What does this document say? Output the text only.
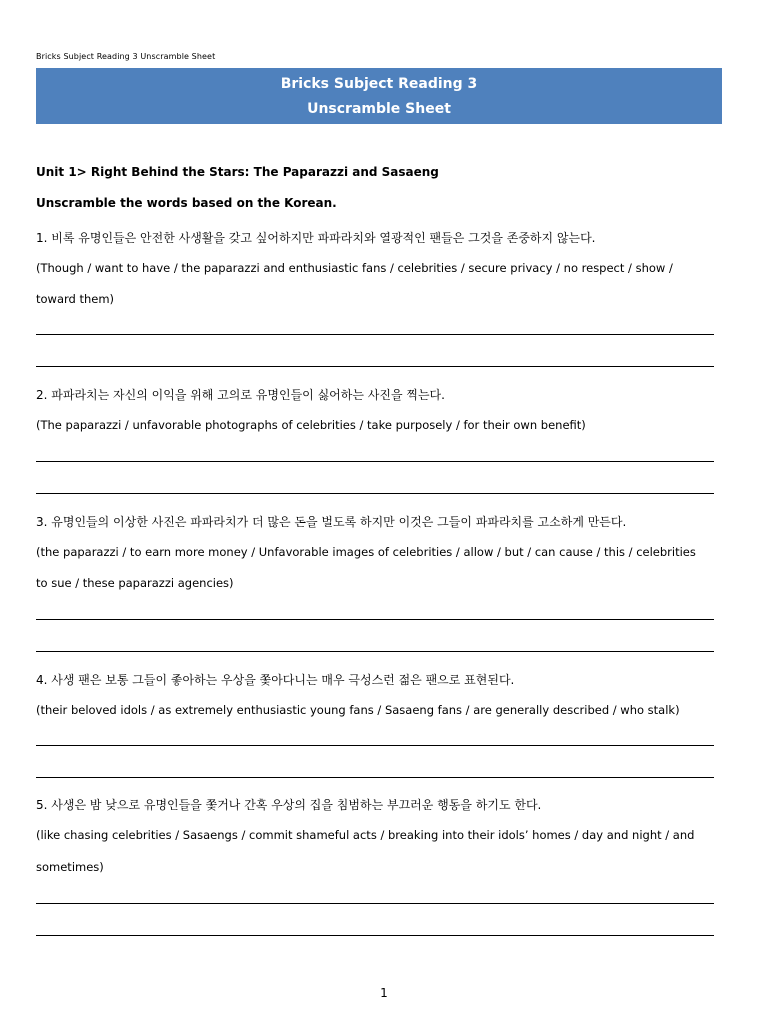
Bricks Subject Reading 3 Unscramble Sheet
Bricks Subject Reading 3
Unscramble Sheet
Unit 1> Right Behind the Stars: The Paparazzi and Sasaeng
Unscramble the words based on the Korean.
1. 비록 유명인들은 안전한 사생활을 갖고 싶어하지만 파파라치와 열광적인 팬들은 그것을 존중하지 않는다.
(Though / want to have / the paparazzi and enthusiastic fans / celebrities / secure privacy / no respect / show /
toward them)
2. 파파라치는 자신의 이익을 위해 고의로 유명인들이 싫어하는 사진을 찍는다.
(The paparazzi / unfavorable photographs of celebrities / take purposely / for their own benefit)
3. 유명인들의 이상한 사진은 파파라치가 더 많은 돈을 벌도록 하지만 이것은 그들이 파파라치를 고소하게 만든다.
(the paparazzi / to earn more money / Unfavorable images of celebrities / allow / but / can cause / this / celebrities
to sue / these paparazzi agencies)
4. 사생 팬은 보통 그들이 좋아하는 우상을 쫓아다니는 매우 극성스런 젊은 팬으로 표현된다.
(their beloved idols / as extremely enthusiastic young fans / Sasaeng fans / are generally described / who stalk)
5. 사생은 밤 낮으로 유명인들을 쫓거나 간혹 우상의 집을 침범하는 부끄러운 행동을 하기도 한다.
(like chasing celebrities / Sasaengs / commit shameful acts / breaking into their idols’ homes / day and night / and
sometimes)
1
